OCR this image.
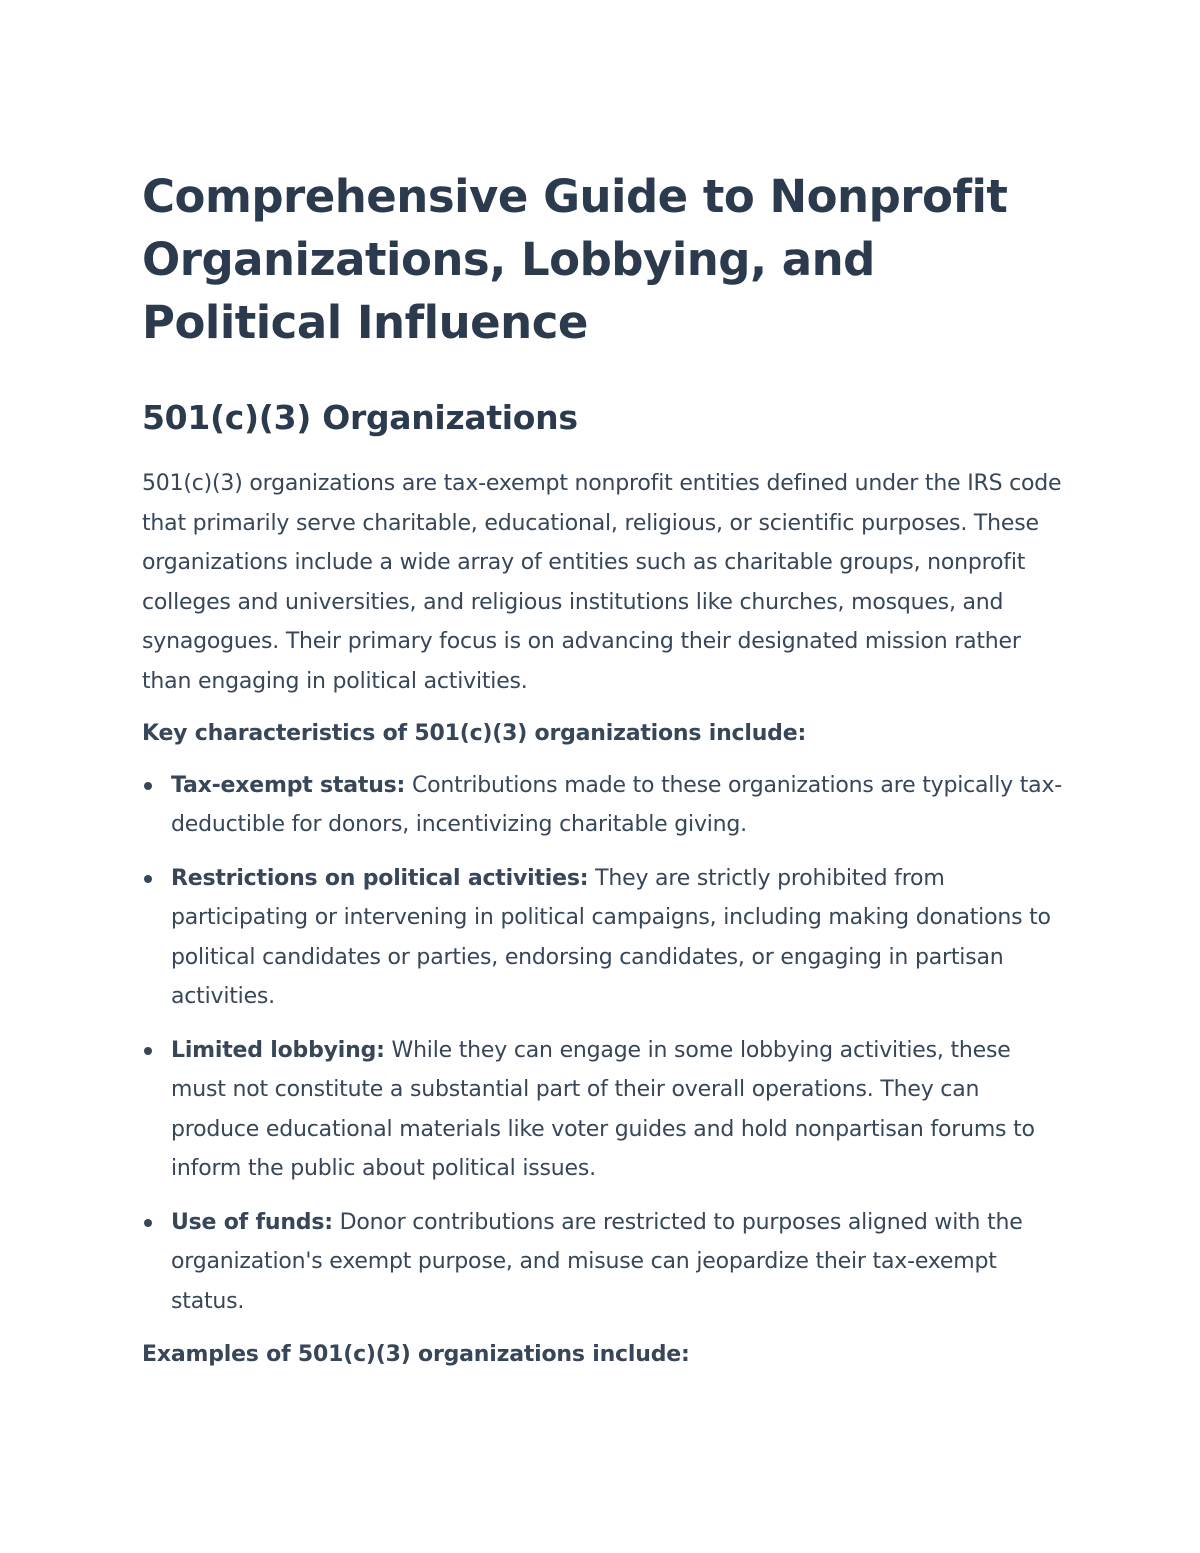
Comprehensive Guide to Nonprofit Organizations, Lobbying, and Political Influence
501(c)(3) Organizations

501(c)(3) organizations are tax-exempt nonprofit entities defined under the IRS code that primarily serve charitable, educational, religious, or scientific purposes. These organizations include a wide array of entities such as charitable groups, nonprofit colleges and universities, and religious institutions like churches, mosques, and synagogues. Their primary focus is on advancing their designated mission rather than engaging in political activities.

Key characteristics of 501(c)(3) organizations include:

Tax-exempt status: Contributions made to these organizations are typically tax-deductible for donors, incentivizing charitable giving.
Restrictions on political activities: They are strictly prohibited from participating or intervening in political campaigns, including making donations to political candidates or parties, endorsing candidates, or engaging in partisan activities.
Limited lobbying: While they can engage in some lobbying activities, these must not constitute a substantial part of their overall operations. They can produce educational materials like voter guides and hold nonpartisan forums to inform the public about political issues.
Use of funds: Donor contributions are restricted to purposes aligned with the organization's exempt purpose, and misuse can jeopardize their tax-exempt status.

Examples of 501(c)(3) organizations include:
